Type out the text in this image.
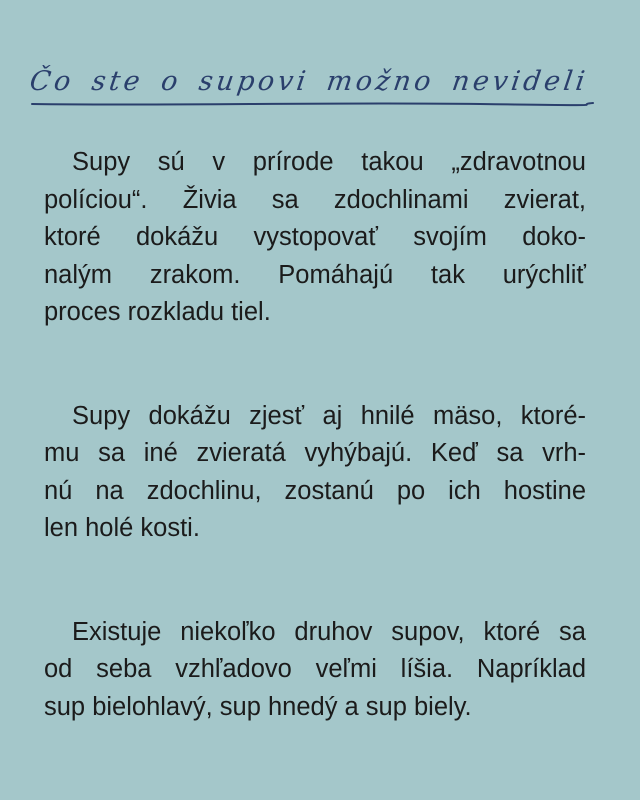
Čo ste o supovi možno nevideli

Supy sú v prírode takou „zdravotnou
políciou“. Živia sa zdochlinami zvierat,
ktoré dokážu vystopovať svojím doko-
nalým zrakom. Pomáhajú tak urýchliť
proces rozkladu tiel.

Supy dokážu zjesť aj hnilé mäso, ktoré-
mu sa iné zvieratá vyhýbajú. Keď sa vrh-
nú na zdochlinu, zostanú po ich hostine
len holé kosti.

Existuje niekoľko druhov supov, ktoré sa
od seba vzhľadovo veľmi líšia. Napríklad
sup bielohlavý, sup hnedý a sup biely.
